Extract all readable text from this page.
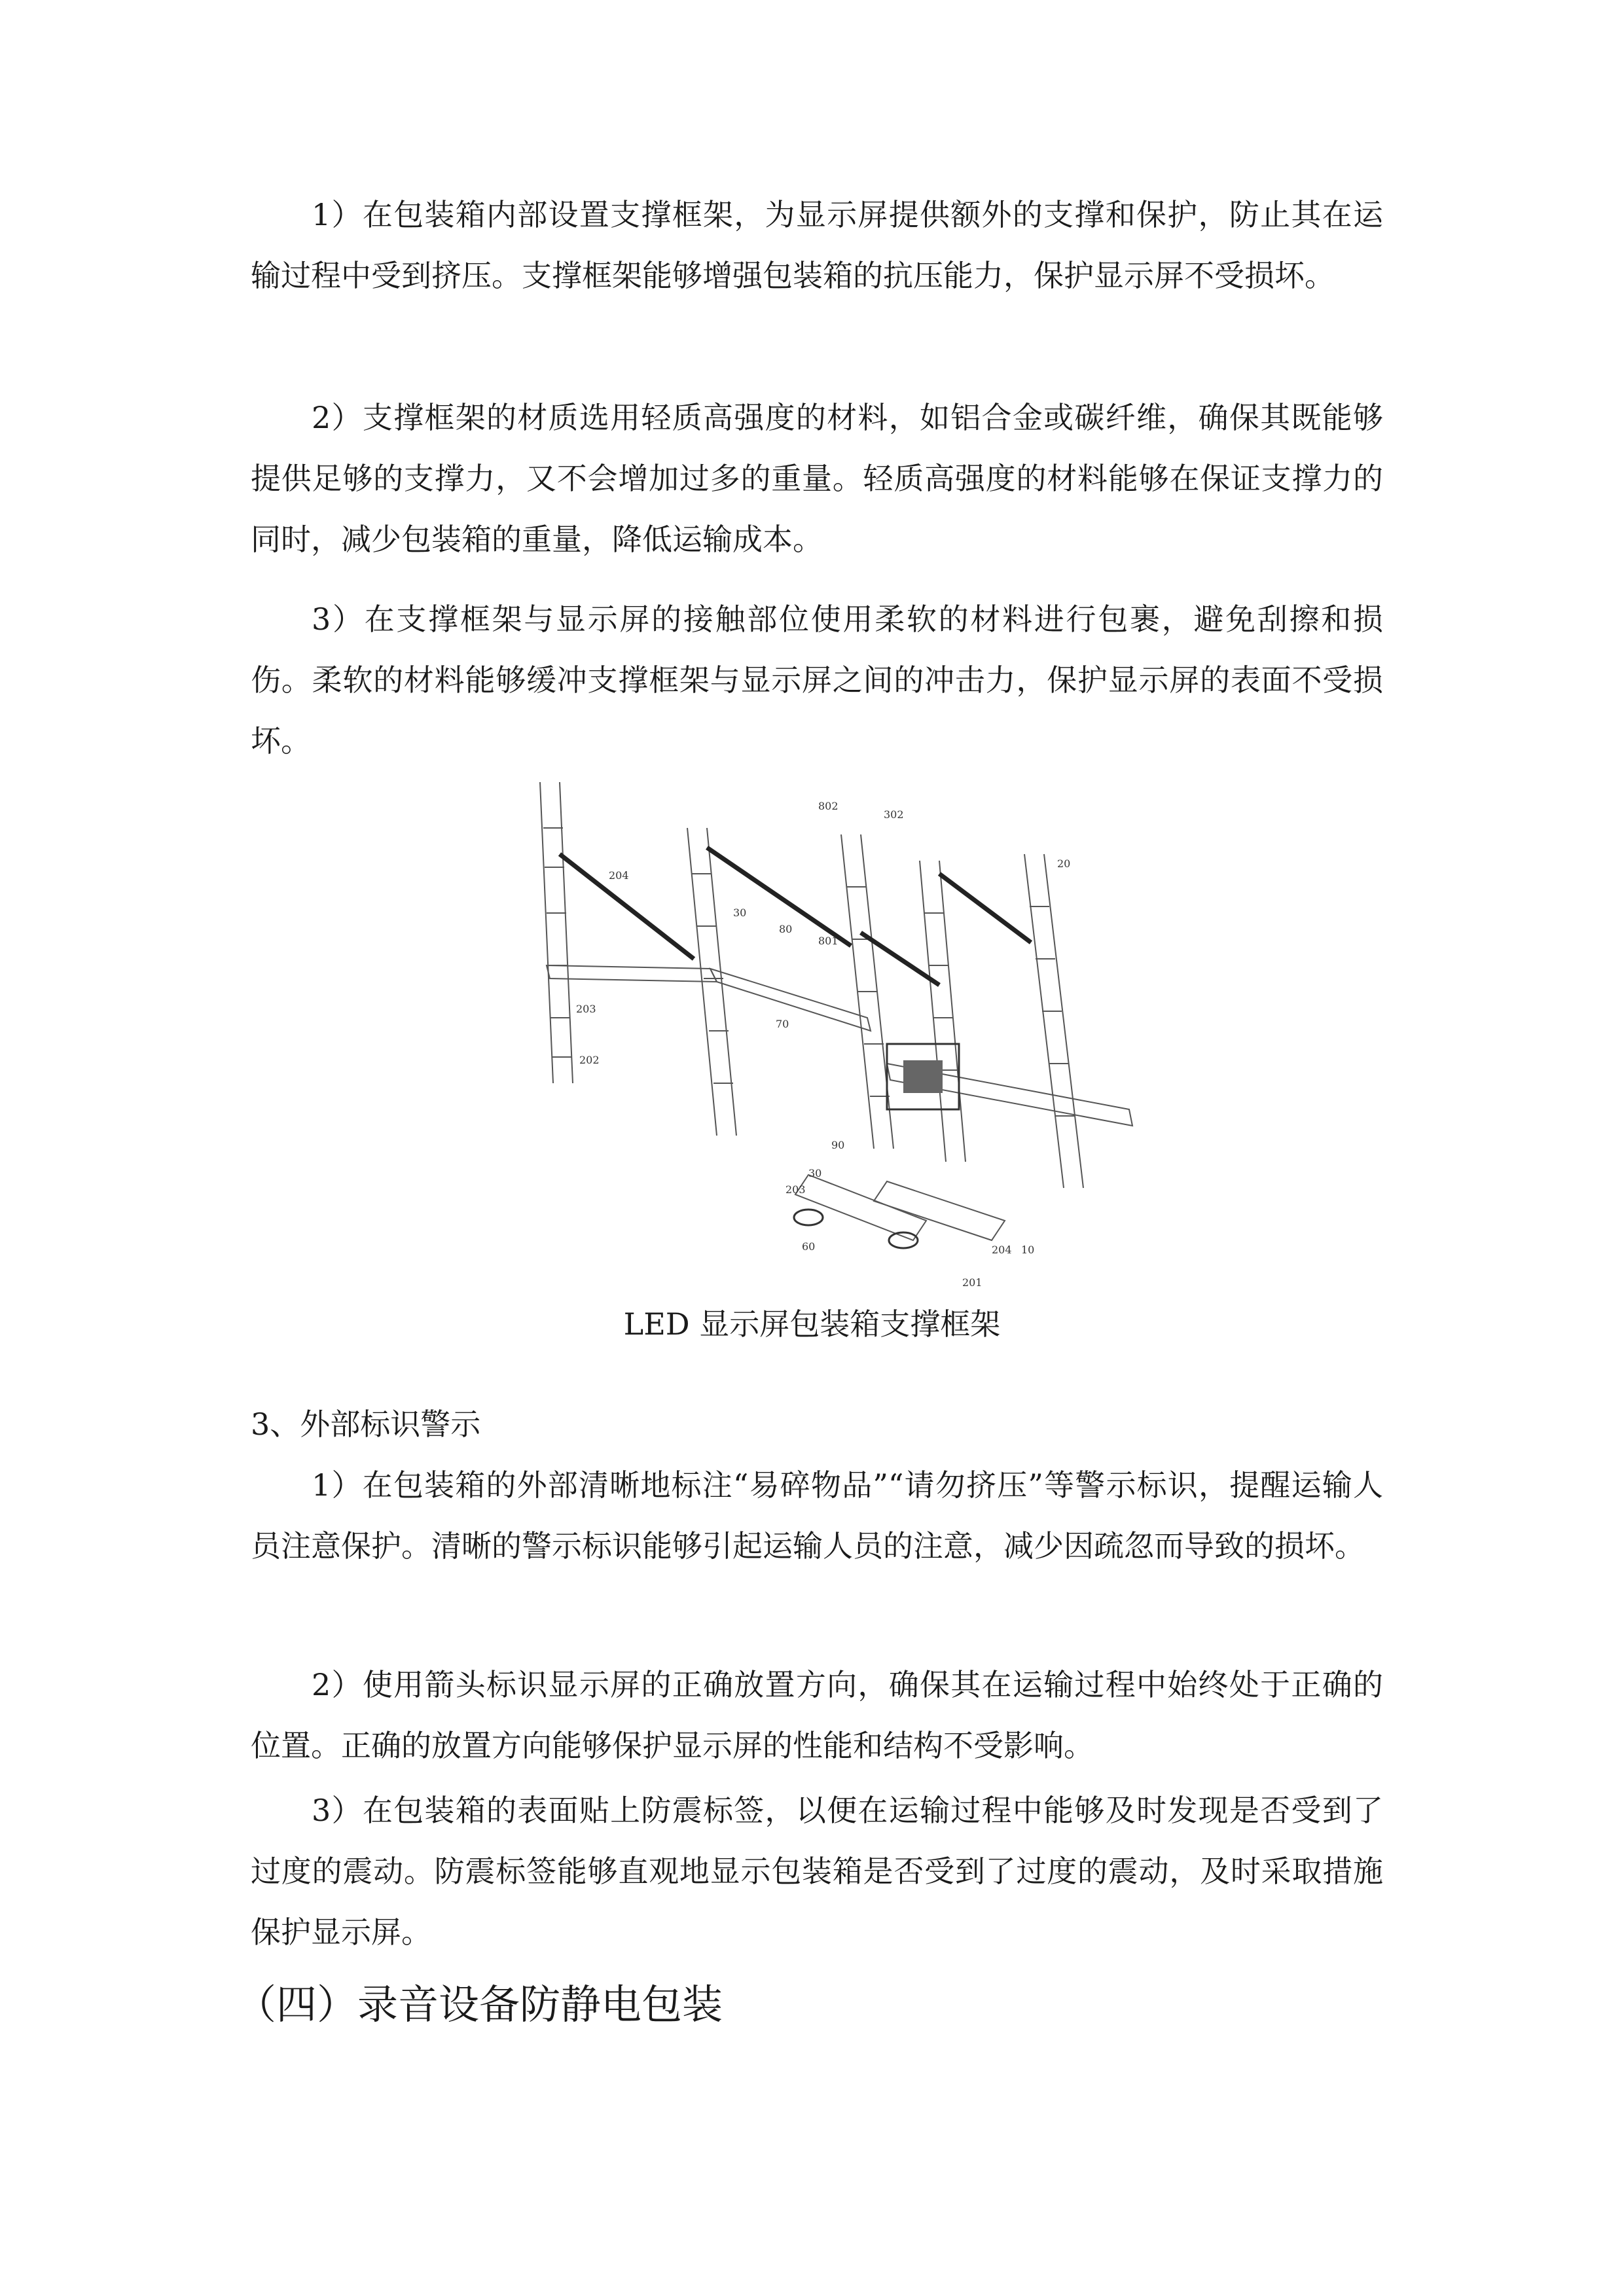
1）在包装箱内部设置支撑框架，为显示屏提供额外的支撑和保护，防止其在运输过程中受到挤压。支撑框架能够增强包装箱的抗压能力，保护显示屏不受损坏。

2）支撑框架的材质选用轻质高强度的材料，如铝合金或碳纤维，确保其既能够提供足够的支撑力，又不会增加过多的重量。轻质高强度的材料能够在保证支撑力的同时，减少包装箱的重量，降低运输成本。

3）在支撑框架与显示屏的接触部位使用柔软的材料进行包裹，避免刮擦和损伤。柔软的材料能够缓冲支撑框架与显示屏之间的冲击力，保护显示屏的表面不受损坏。

802
302
204
30
80
801
20
70
203
202
90
30
203
60	204 10
201

LED 显示屏包装箱支撑框架

3、外部标识警示

1）在包装箱的外部清晰地标注“易碎物品”“请勿挤压”等警示标识，提醒运输人员注意保护。清晰的警示标识能够引起运输人员的注意，减少因疏忽而导致的损坏。

2）使用箭头标识显示屏的正确放置方向，确保其在运输过程中始终处于正确的位置。正确的放置方向能够保护显示屏的性能和结构不受影响。

3）在包装箱的表面贴上防震标签，以便在运输过程中能够及时发现是否受到了过度的震动。防震标签能够直观地显示包装箱是否受到了过度的震动，及时采取措施保护显示屏。

（四）录音设备防静电包装
